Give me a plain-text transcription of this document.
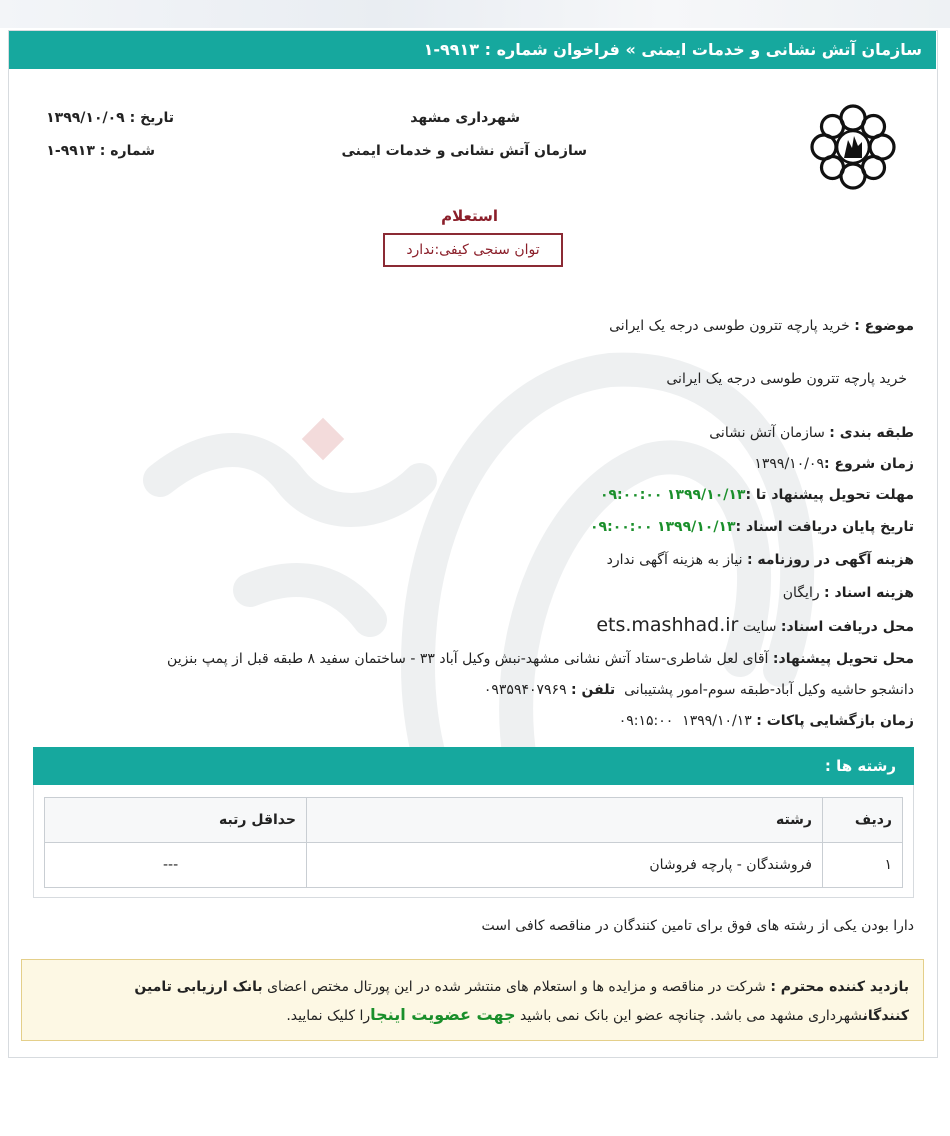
سازمان آتش نشانی و خدمات ایمنی » فراخوان شماره : ۹۹۱۳-۱
شهرداری مشهد
سازمان آتش نشانی و خدمات ایمنی
تاریخ : ۱۳۹۹/۱۰/۰۹
شماره : ۹۹۱۳-۱
استعلام
توان سنجی کیفی:ندارد
موضوع : خرید پارچه تترون طوسی درجه یک ایرانی
خرید پارچه تترون طوسی درجه یک ایرانی
طبقه بندی : سازمان آتش نشانی
زمان شروع :۱۳۹۹/۱۰/۰۹
مهلت تحویل پیشنهاد تا :۱۳۹۹/۱۰/۱۳ ۰۹:۰۰:۰۰
تاریخ پایان دریافت اسناد :۱۳۹۹/۱۰/۱۳ ۰۹:۰۰:۰۰
هزینه آگهی در روزنامه : نیاز به هزینه آگهی ندارد
هزینه اسناد : رایگان
محل دریافت اسناد: سایت ets.mashhad.ir
محل تحویل پیشنهاد: آقای لعل شاطری-ستاد آتش نشانی مشهد-نبش وکیل آباد ۳۳ - ساختمان سفید ۸ طبقه قبل از پمپ بنزین
دانشجو حاشیه وکیل آباد-طبقه سوم-امور پشتیبانی  تلفن : ۰۹۳۵۹۴۰۷۹۶۹
زمان بازگشایی پاکات : ۱۳۹۹/۱۰/۱۳  ۰۹:۱۵:۰۰
رشته ها :
ردیف	رشته	حداقل رتبه
۱	فروشندگان - پارچه فروشان	---
دارا بودن یکی از رشته های فوق برای تامین کنندگان در مناقصه کافی است
بازدید کننده محترم : شرکت در مناقصه و مزایده ها و استعلام های منتشر شده در این پورتال مختص اعضای بانک ارزیابی تامین کنندگانشهرداری مشهد می باشد. چنانچه عضو این بانک نمی باشید جهت عضویت اینجارا کلیک نمایید.
